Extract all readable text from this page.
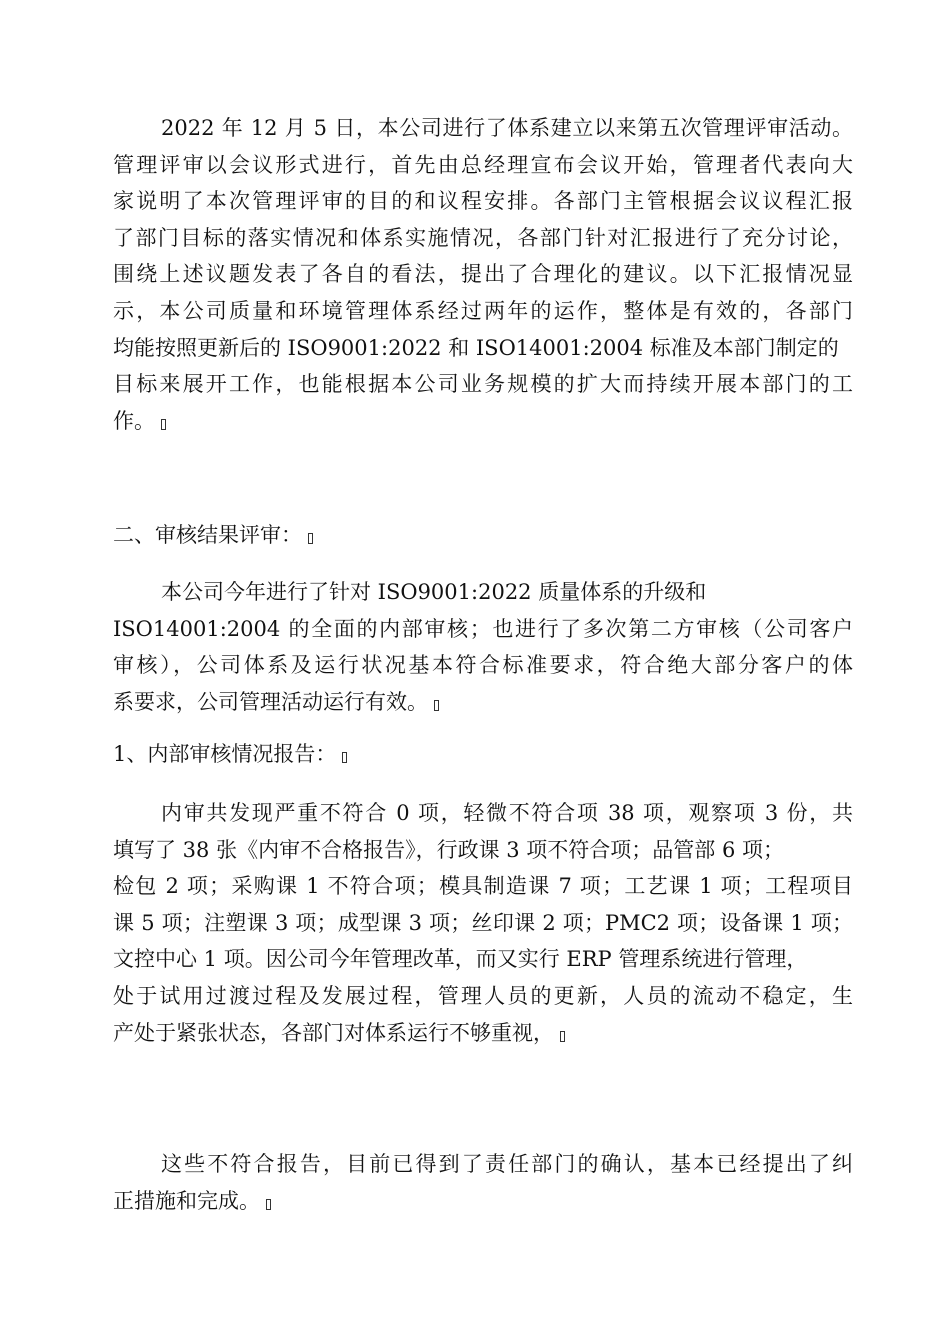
2022 年 12 月 5 日，本公司进行了体系建立以来第五次管理评审活动。
管理评审以会议形式进行，首先由总经理宣布会议开始，管理者代表向大
家说明了本次管理评审的目的和议程安排。各部门主管根据会议议程汇报
了部门目标的落实情况和体系实施情况，各部门针对汇报进行了充分讨论，
围绕上述议题发表了各自的看法，提出了合理化的建议。以下汇报情况显
示，本公司质量和环境管理体系经过两年的运作，整体是有效的，各部门
均能按照更新后的 ISO9001:2022 和 ISO14001:2004 标准及本部门制定的
目标来展开工作，也能根据本公司业务规模的扩大而持续开展本部门的工
作。
二、审核结果评审：
本公司今年进行了针对 ISO9001:2022 质量体系的升级和
ISO14001:2004 的全面的内部审核；也进行了多次第二方审核（公司客户
审核），公司体系及运行状况基本符合标准要求，符合绝大部分客户的体
系要求，公司管理活动运行有效。
1、内部审核情况报告：
内审共发现严重不符合 0 项，轻微不符合项 38 项，观察项 3 份，共
填写了 38 张《内审不合格报告》，行政课 3 项不符合项；品管部 6 项；
检包 2 项；采购课 1 不符合项；模具制造课 7 项；工艺课 1 项；工程项目
课 5 项；注塑课 3 项；成型课 3 项；丝印课 2 项；PMC2 项；设备课 1 项；
文控中心 1 项。因公司今年管理改革，而又实行 ERP 管理系统进行管理，
处于试用过渡过程及发展过程，管理人员的更新，人员的流动不稳定，生
产处于紧张状态，各部门对体系运行不够重视，
这些不符合报告，目前已得到了责任部门的确认，基本已经提出了纠
正措施和完成。
